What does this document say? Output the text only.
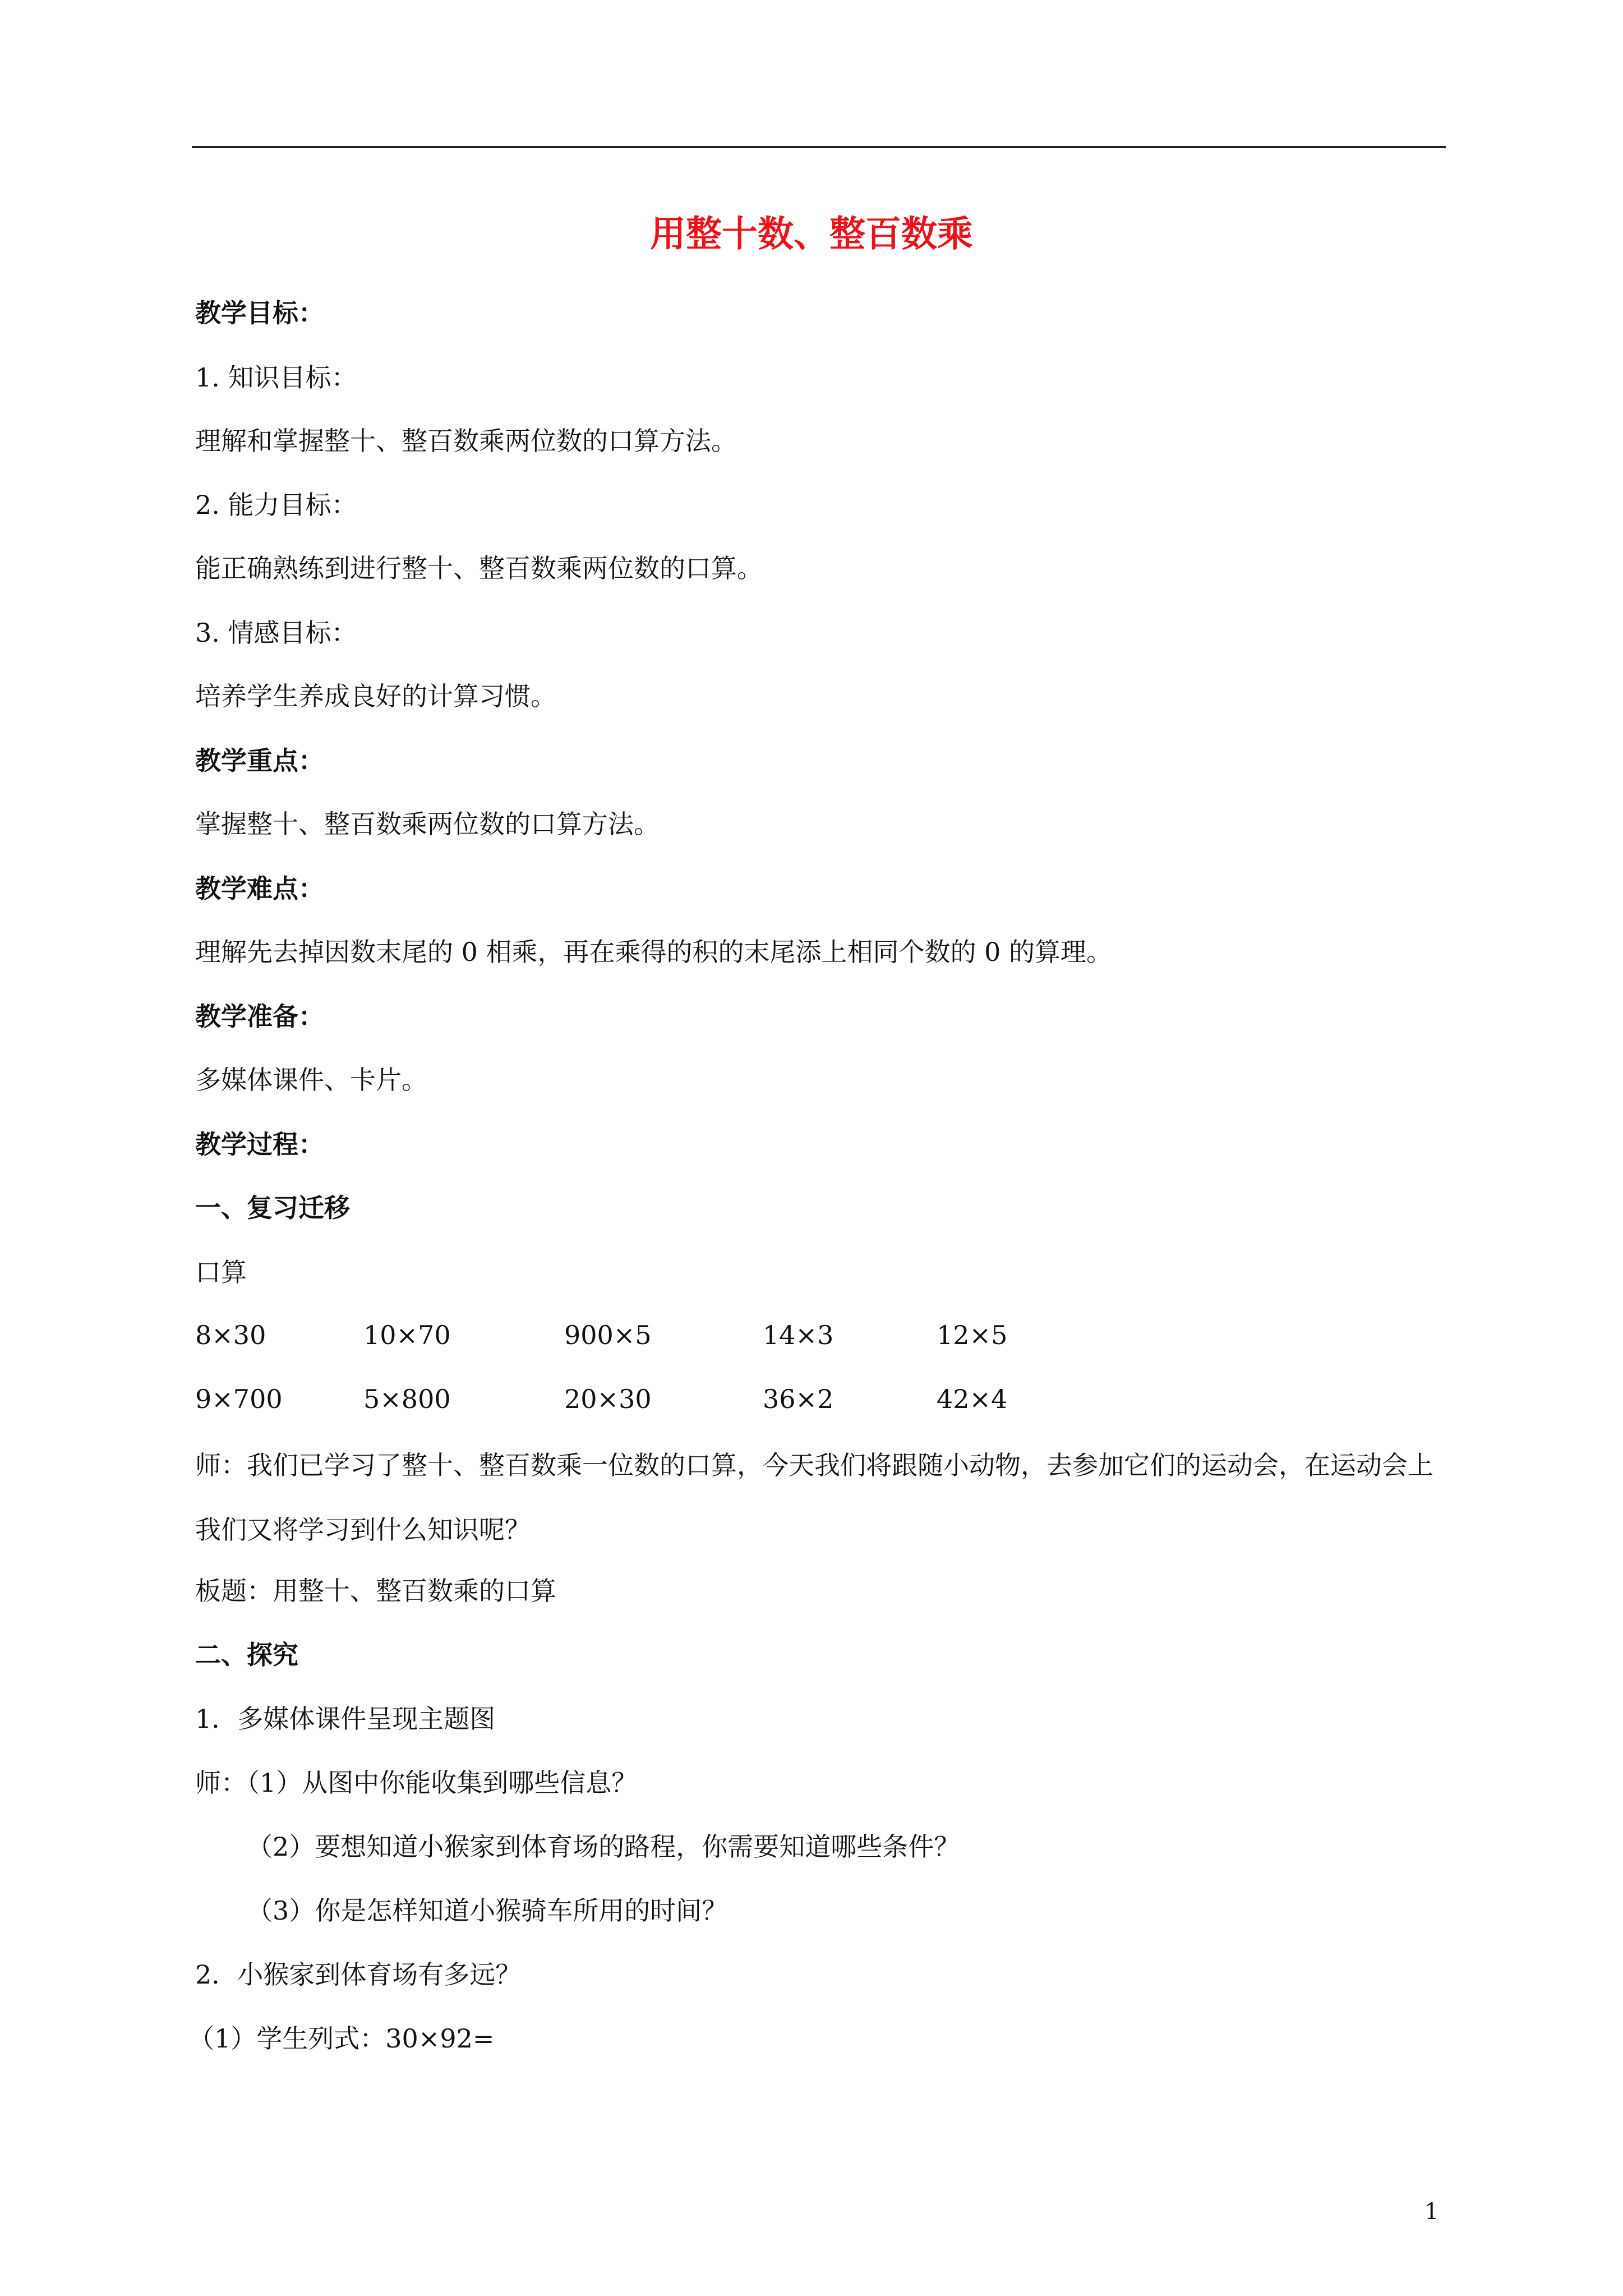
用整十数、整百数乘
教学目标：
1. 知识目标：
理解和掌握整十、整百数乘两位数的口算方法。
2. 能力目标：
能正确熟练到进行整十、整百数乘两位数的口算。
3. 情感目标：
培养学生养成良好的计算习惯。
教学重点：
掌握整十、整百数乘两位数的口算方法。
教学难点：
理解先去掉因数末尾的 0 相乘，再在乘得的积的末尾添上相同个数的 0 的算理。
教学准备：
多媒体课件、卡片。
教学过程：
一、复习迁移
口算
8×30	10×70	900×5	14×3	12×5
9×700	5×800	20×30	36×2	42×4
师：我们已学习了整十、整百数乘一位数的口算，今天我们将跟随小动物，去参加它们的运动会，在运动会上我们又将学习到什么知识呢？
板题：用整十、整百数乘的口算
二、探究
1．多媒体课件呈现主题图
师：（1）从图中你能收集到哪些信息？
（2）要想知道小猴家到体育场的路程，你需要知道哪些条件？
（3）你是怎样知道小猴骑车所用的时间？
2．小猴家到体育场有多远？
（1）学生列式：30×92=
1
